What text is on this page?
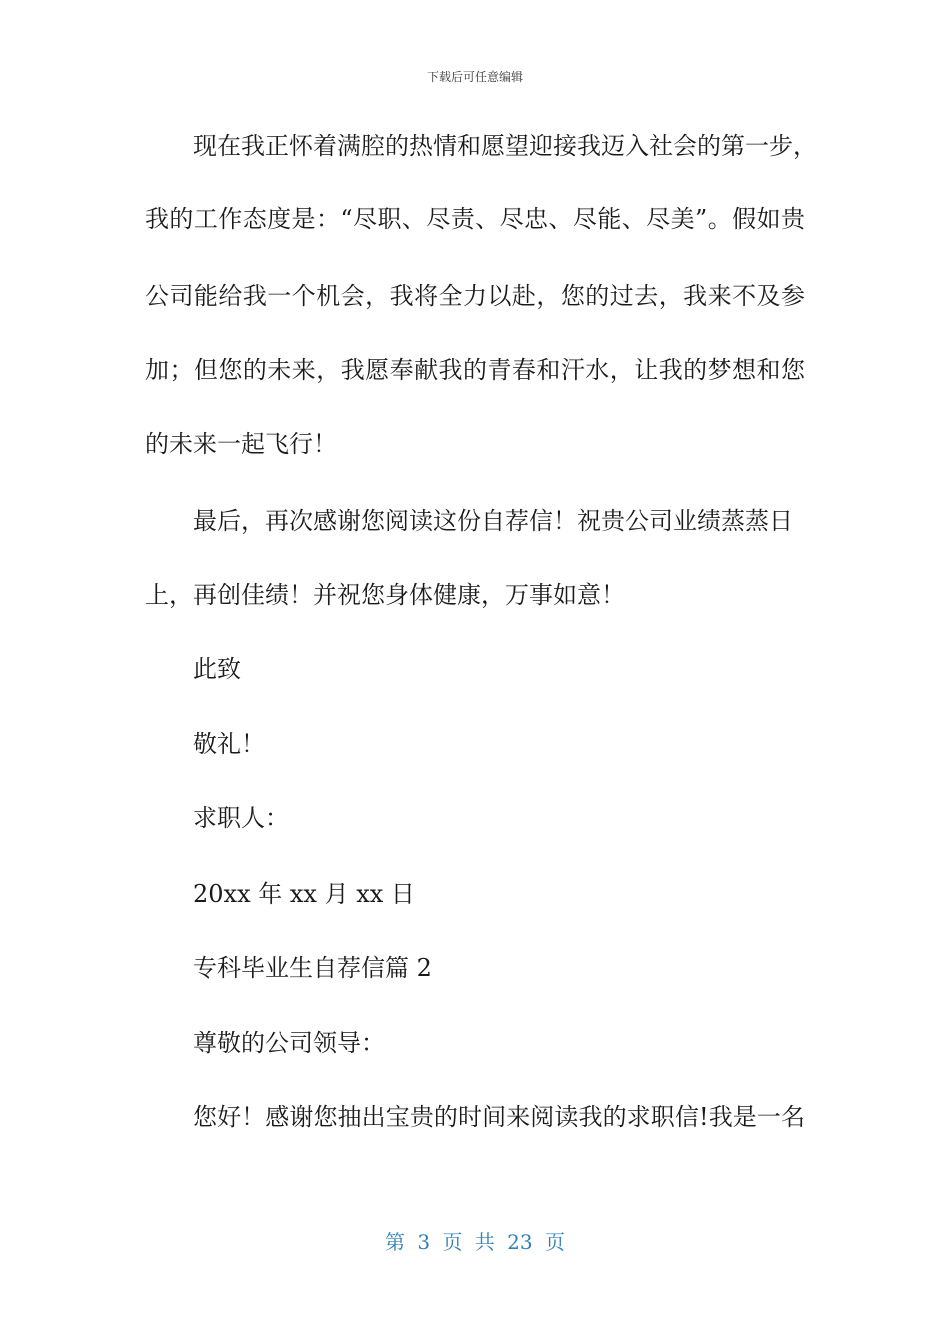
下载后可任意编辑
现在我正怀着满腔的热情和愿望迎接我迈入社会的第一步，
我的工作态度是：“尽职、尽责、尽忠、尽能、尽美”。假如贵
公司能给我一个机会，我将全力以赴，您的过去，我来不及参
加；但您的未来，我愿奉献我的青春和汗水，让我的梦想和您
的未来一起飞行！
最后，再次感谢您阅读这份自荐信！祝贵公司业绩蒸蒸日
上，再创佳绩！并祝您身体健康，万事如意！
此致
敬礼！
求职人：
20xx 年 xx 月 xx 日
专科毕业生自荐信篇 2
尊敬的公司领导：
您好！感谢您抽出宝贵的时间来阅读我的求职信!我是一名
第 3 页 共 23 页
